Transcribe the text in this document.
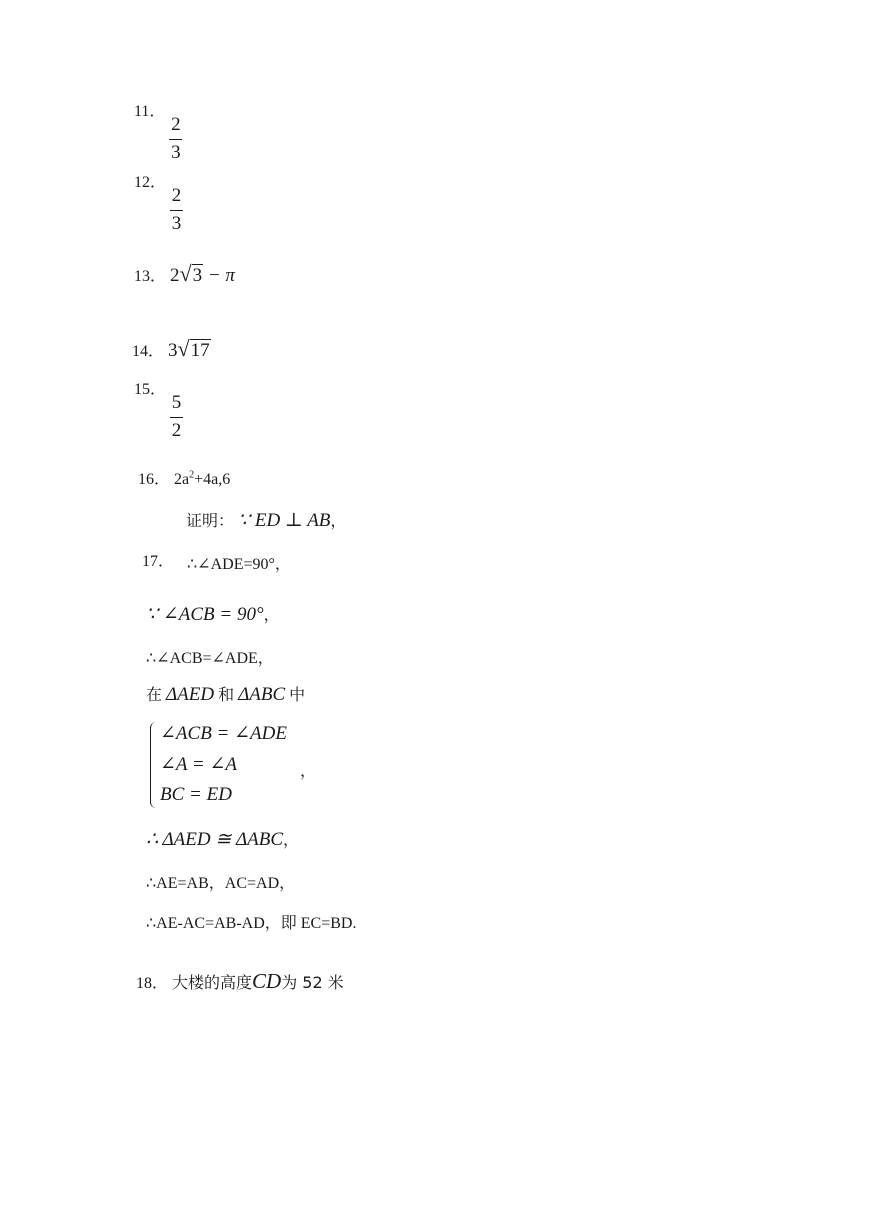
11．
$\frac{2}{3}$
12．
$\frac{2}{3}$
13． 2√3 − π
14． 3√17
15．
$\frac{5}{2}$
16． $2a^2+4a,6$
证明： ∵ ED ⊥ AB，
17． ∴∠ADE=90°，
∵ ∠ACB = 90°，
∴∠ACB=∠ADE，
在 ΔAED 和 ΔABC 中
∠ACB = ∠ADE
∠A = ∠A	，
BC = ED
∴ ΔAED ≅ ΔABC，
∴AE=AB，AC=AD，
∴AE-AC=AB-AD，即 EC=BD.
18． 大楼的高度CD为 52 米
